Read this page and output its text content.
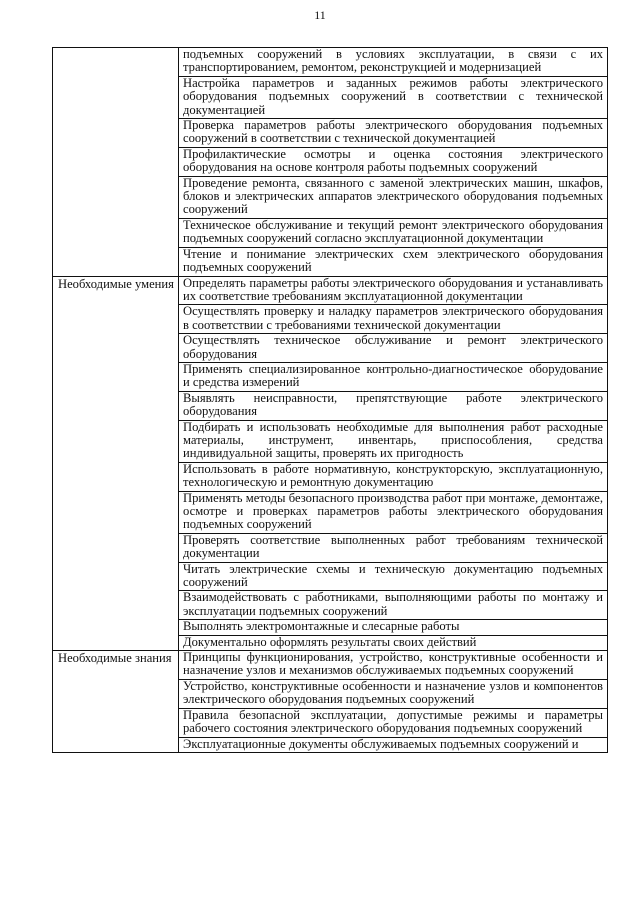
11
	подъемных сооружений в условиях эксплуатации, в связи с их транспортированием, ремонтом, реконструкцией и модернизацией
	Настройка параметров и заданных режимов работы электрического оборудования подъемных сооружений в соответствии с технической документацией
	Проверка параметров работы электрического оборудования подъемных сооружений в соответствии с технической документацией
	Профилактические осмотры и оценка состояния электрического оборудования на основе контроля работы подъемных сооружений
	Проведение ремонта, связанного с заменой электрических машин, шкафов, блоков и электрических аппаратов электрического оборудования подъемных сооружений
	Техническое обслуживание и текущий ремонт электрического оборудования подъемных сооружений согласно эксплуатационной документации
	Чтение и понимание электрических схем электрического оборудования подъемных сооружений
Необходимые умения	Определять параметры работы электрического оборудования и устанавливать их соответствие требованиям эксплуатационной документации
	Осуществлять проверку и наладку параметров электрического оборудования в соответствии с требованиями технической документации
	Осуществлять техническое обслуживание и ремонт электрического оборудования
	Применять специализированное контрольно-диагностическое оборудование и средства измерений
	Выявлять неисправности, препятствующие работе электрического оборудования
	Подбирать и использовать необходимые для выполнения работ расходные материалы, инструмент, инвентарь, приспособления, средства индивидуальной защиты, проверять их пригодность
	Использовать в работе нормативную, конструкторскую, эксплуатационную, технологическую и ремонтную документацию
	Применять методы безопасного производства работ при монтаже, демонтаже, осмотре и проверках параметров работы электрического оборудования подъемных сооружений
	Проверять соответствие выполненных работ требованиям технической документации
	Читать электрические схемы и техническую документацию подъемных сооружений
	Взаимодействовать с работниками, выполняющими работы по монтажу и эксплуатации подъемных сооружений
	Выполнять электромонтажные и слесарные работы
	Документально оформлять результаты своих действий
Необходимые знания	Принципы функционирования, устройство, конструктивные особенности и назначение узлов и механизмов обслуживаемых подъемных сооружений
	Устройство, конструктивные особенности и назначение узлов и компонентов электрического оборудования подъемных сооружений
	Правила безопасной эксплуатации, допустимые режимы и параметры рабочего состояния электрического оборудования подъемных сооружений
	Эксплуатационные документы обслуживаемых подъемных сооружений и
